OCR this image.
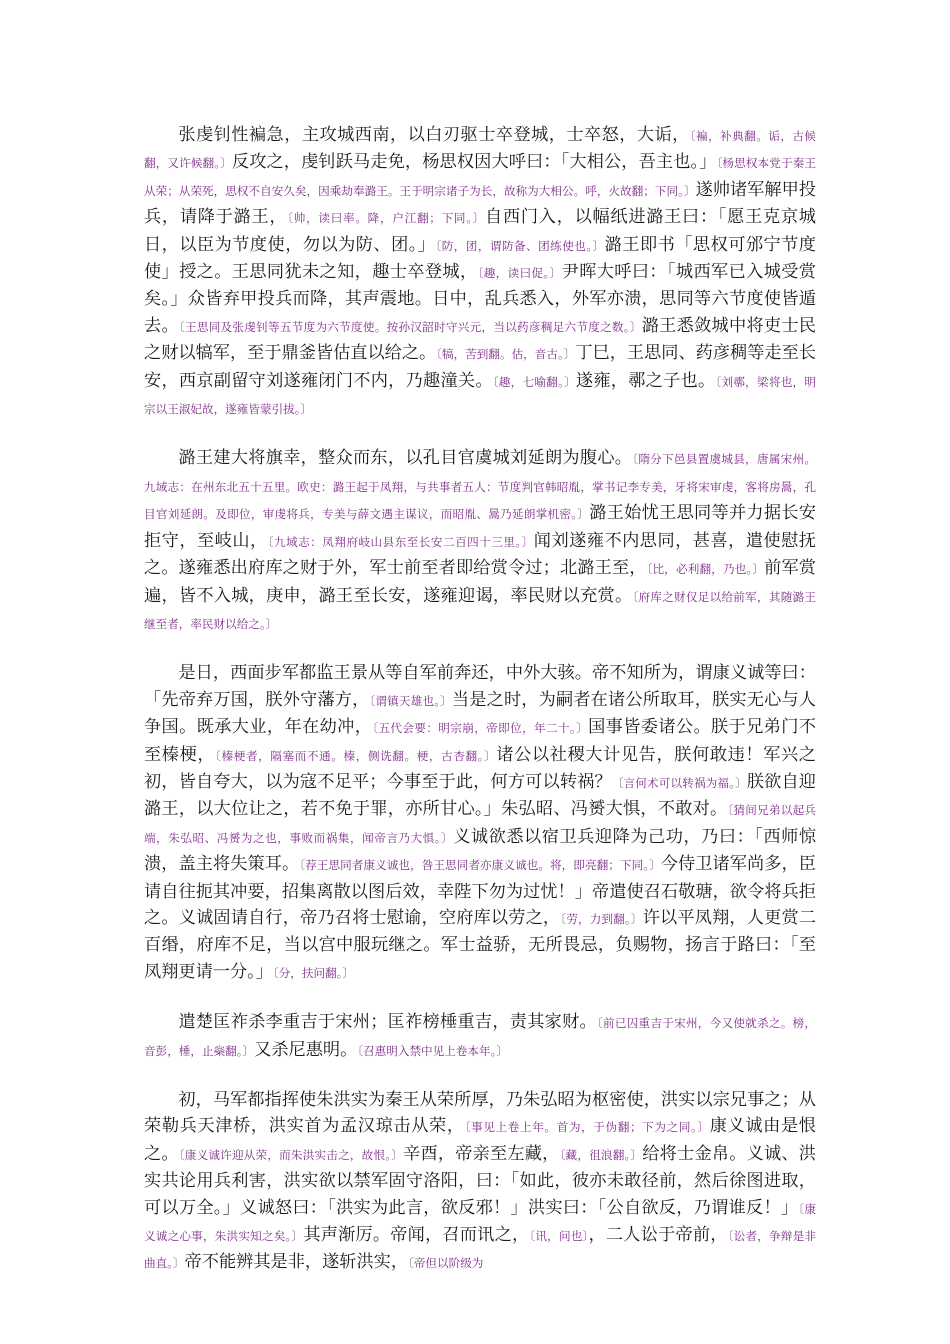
张虔钊性褊急，主攻城西南，以白刃驱士卒登城，士卒怒，大诟，〔褊，补典翻。诟，古候翻，又许候翻。〕反攻之，虔钊跃马走免，杨思权因大呼曰：「大相公，吾主也。」〔杨思权本党于秦王从荣；从荣死，思权不自安久矣，因乘劫奉潞王。王于明宗诸子为长，故称为大相公。呼，火故翻；下同。〕遂帅诸军解甲投兵，请降于潞王，〔帅，读曰率。降，户江翻；下同。〕自西门入，以幅纸进潞王曰：「愿王克京城日，以臣为节度使，勿以为防、团。」〔防，团，谓防备、团练使也。〕潞王即书「思权可邠宁节度使」授之。王思同犹未之知，趣士卒登城，〔趣，读曰促。〕尹晖大呼曰：「城西军已入城受赏矣。」众皆弃甲投兵而降，其声震地。日中，乱兵悉入，外军亦溃，思同等六节度使皆遁去。〔王思同及张虔钊等五节度为六节度使。按孙汉韶时守兴元，当以药彦稠足六节度之数。〕潞王悉敛城中将吏士民之财以犒军，至于鼎釜皆估直以给之。〔犒，苦到翻。估，音古。〕丁巳，王思同、药彦稠等走至长安，西京副留守刘遂雍闭门不内，乃趣潼关。〔趣，七喻翻。〕遂雍，鄩之子也。〔刘鄩，梁将也，明宗以王淑妃故，遂雍皆蒙引拔。〕

潞王建大将旗幸，整众而东，以孔目官虞城刘延朗为腹心。〔隋分下邑县置虞城县，唐属宋州。九域志：在州东北五十五里。欧史：潞王起于凤翔，与共事者五人：节度判官韩昭胤，掌书记李专美，牙将宋审虔，客将房暠，孔目官刘延朗。及即位，审虔将兵，专美与薛文遇主谋议，而昭胤、暠乃延朗掌机密。〕潞王始忧王思同等并力据长安拒守，至岐山，〔九域志：凤翔府岐山县东至长安二百四十三里。〕闻刘遂雍不内思同，甚喜，遣使慰抚之。遂雍悉出府库之财于外，军士前至者即给赏令过；北潞王至，〔比，必利翻，乃也。〕前军赏遍，皆不入城，庚申，潞王至长安，遂雍迎谒，率民财以充赏。〔府库之财仅足以给前军，其随潞王继至者，率民财以给之。〕

是日，西面步军都监王景从等自军前奔还，中外大骇。帝不知所为，谓康义诚等曰：「先帝弃万国，朕外守藩方，〔谓镇天雄也。〕当是之时，为嗣者在诸公所取耳，朕实无心与人争国。既承大业，年在幼冲，〔五代会要：明宗崩，帝即位，年二十。〕国事皆委诸公。朕于兄弟门不至榛梗，〔榛梗者，隔塞而不通。榛，侧诜翻。梗，古杏翻。〕诸公以社稷大计见告，朕何敢违！军兴之初，皆自夸大，以为寇不足平；今事至于此，何方可以转祸？〔言何术可以转祸为福。〕朕欲自迎潞王，以大位让之，若不免于罪，亦所甘心。」朱弘昭、冯赟大惧，不敢对。〔猜间兄弟以起兵端，朱弘昭、冯赟为之也，事败而祸集，闻帝言乃大惧。〕义诚欲悉以宿卫兵迎降为己功，乃曰：「西师惊溃，盖主将失策耳。〔荐王思同者康义诚也，咎王思同者亦康义诚也。将，即亮翻；下同。〕今侍卫诸军尚多，臣请自往扼其冲要，招集离散以图后效，幸陛下勿为过忧！」帝遣使召石敬瑭，欲令将兵拒之。义诚固请自行，帝乃召将士慰谕，空府库以劳之，〔劳，力到翻。〕许以平凤翔，人更赏二百缗，府库不足，当以宫中服玩继之。军士益骄，无所畏忌，负赐物，扬言于路曰：「至凤翔更请一分。」〔分，扶问翻。〕

遣楚匡祚杀李重吉于宋州；匡祚榜棰重吉，责其家财。〔前已囚重吉于宋州，今又使就杀之。榜，音彭，棰，止橤翻。〕又杀尼惠明。〔召惠明入禁中见上卷本年。〕

初，马军都指挥使朱洪实为秦王从荣所厚，乃朱弘昭为枢密使，洪实以宗兄事之；从荣勒兵天津桥，洪实首为孟汉琼击从荣，〔事见上卷上年。首为，于伪翻；下为之同。〕康义诚由是恨之。〔康义诚许迎从荣，而朱洪实击之，故恨。〕辛酉，帝亲至左藏，〔藏，徂浪翻。〕给将士金帛。义诚、洪实共论用兵利害，洪实欲以禁军固守洛阳，曰：「如此，彼亦未敢径前，然后徐图进取，可以万全。」义诚怒曰：「洪实为此言，欲反邪！」洪实曰：「公自欲反，乃谓谁反！」〔康义诚之心事，朱洪实知之矣。〕其声渐厉。帝闻，召而讯之，〔讯，问也〕，二人讼于帝前，〔讼者，争辩是非曲直。〕帝不能辨其是非，遂斩洪实，〔帝但以阶级为
